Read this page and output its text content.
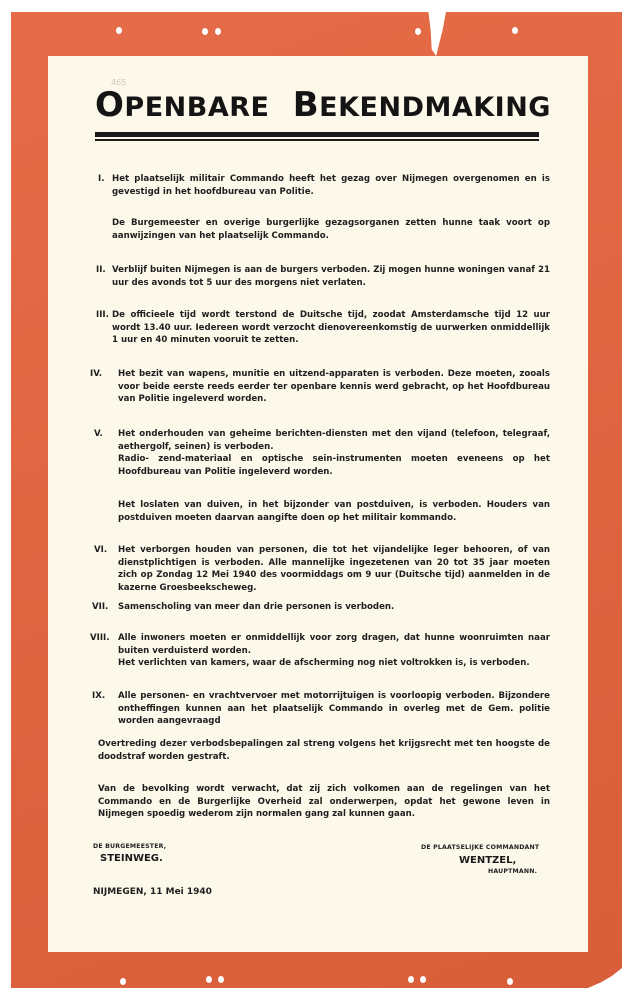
465
OPENBARE BEKENDMAKING
I. Het plaatselijk militair Commando heeft het gezag over Nijmegen overgenomen en is gevestigd in het hoofdbureau van Politie.

De Burgemeester en overige burgerlijke gezagsorganen zetten hunne taak voort op aanwijzingen van het plaatselijk Commando.

II. Verblijf buiten Nijmegen is aan de burgers verboden. Zij mogen hunne woningen vanaf 21 uur des avonds tot 5 uur des morgens niet verlaten.

III. De officieele tijd wordt terstond de Duitsche tijd, zoodat Amsterdamsche tijd 12 uur wordt 13.40 uur. Iedereen wordt verzocht dienovereenkomstig de uurwerken onmiddellijk 1 uur en 40 minuten vooruit te zetten.

IV.	Het bezit van wapens, munitie en uitzend-apparaten is verboden. Deze moeten, zooals voor beide eerste reeds eerder ter openbare kennis werd gebracht, op het Hoofdbureau van Politie ingeleverd worden.

V.	Het onderhouden van geheime berichten-diensten met den vijand (telefoon, telegraaf, aethergolf, seinen) is verboden.

Radio- zend-materiaal en optische sein-instrumenten moeten eveneens op het Hoofdbureau van Politie ingeleverd worden.

Het loslaten van duiven, in het bijzonder van postduiven, is verboden. Houders van postduiven moeten daarvan aangifte doen op het militair kommando.

VI.	Het verborgen houden van personen, die tot het vijandelijke leger behooren, of van dienstplichtigen is verboden. Alle mannelijke ingezetenen van 20 tot 35 jaar moeten zich op Zondag 12 Mei 1940 des voormiddags om 9 uur (Duitsche tijd) aanmelden in de kazerne Groesbeekscheweg.

VII.	Samenscholing van meer dan drie personen is verboden.

VIII. Alle inwoners moeten er onmiddellijk voor zorg dragen, dat hunne woonruimten naar buiten verduisterd worden.

Het verlichten van kamers, waar de afscherming nog niet voltrokken is, is verboden.

IX.	Alle personen- en vrachtvervoer met motorrijtuigen is voorloopig verboden. Bijzondere ontheffingen kunnen aan het plaatselijk Commando in overleg met de Gem. politie worden aangevraagd

Overtreding dezer verbodsbepalingen zal streng volgens het krijgsrecht met ten hoogste de doodstraf worden gestraft.
Van de bevolking wordt verwacht, dat zij zich volkomen aan de regelingen van het Commando en de Burgerlijke Overheid zal onderwerpen, opdat het gewone leven in Nijmegen spoedig wederom zijn normalen gang zal kunnen gaan.
DE BURGEMEESTER,
STEINWEG.
DE PLAATSELIJKE COMMANDANT
WENTZEL,
HAUPTMANN.
NIJMEGEN, 11 Mei 1940
